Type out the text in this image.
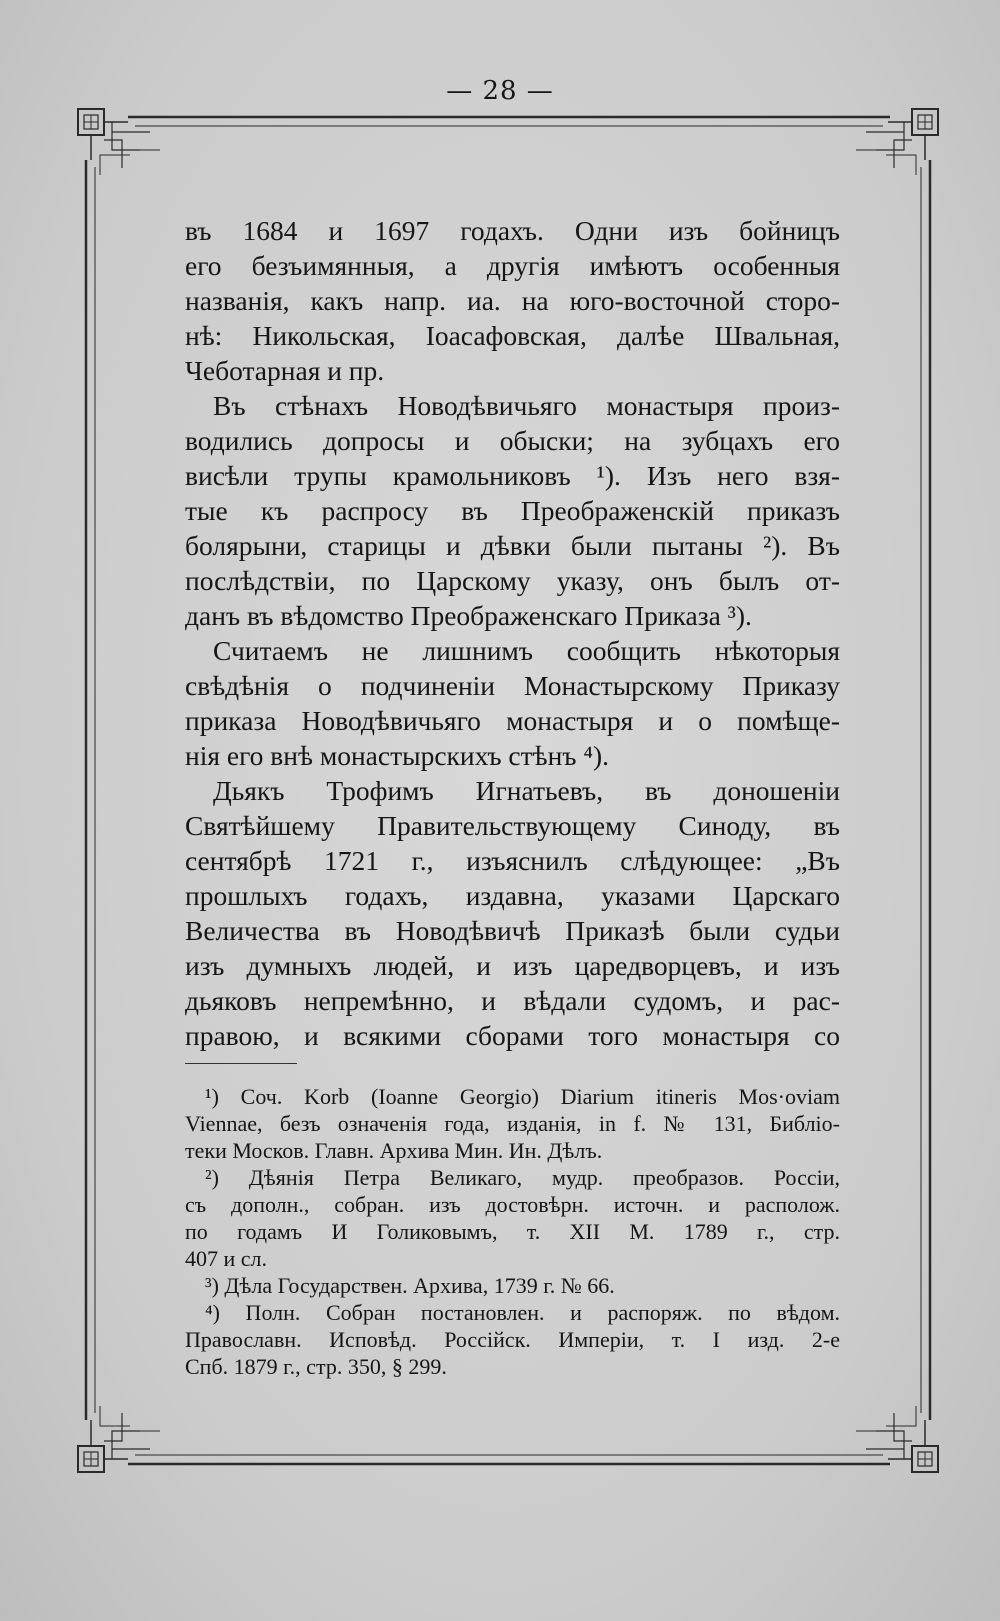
— 28 —
въ 1684 и 1697 годахъ. Одни изъ бойницъ
его безъимянныя, а другія имѣютъ особенныя
названія, какъ напр. иа. на юго-восточной сторо-
нѣ: Никольская, Іоасафовская, далѣе Швальная,
Чеботарная и пр.
Въ стѣнахъ Новодѣвичьяго монастыря произ-
водились допросы и обыски; на зубцахъ его
висѣли трупы крамольниковъ ¹). Изъ него взя-
тые къ распросу въ Преображенскій приказъ
болярыни, старицы и дѣвки были пытаны ²). Въ
послѣдствіи, по Царскому указу, онъ былъ от-
данъ въ вѣдомство Преображенскаго Приказа ³).
Считаемъ не лишнимъ сообщить нѣкоторыя
свѣдѣнія о подчиненіи Монастырскому Приказу
приказа Новодѣвичьяго монастыря и о помѣще-
нія его внѣ монастырскихъ стѣнъ ⁴).
Дьякъ Трофимъ Игнатьевъ, въ доношеніи
Святѣйшему Правительствующему Синоду, въ
сентябрѣ 1721 г., изъяснилъ слѣдующее: „Въ
прошлыхъ годахъ, издавна, указами Царскаго
Величества въ Новодѣвичѣ Приказѣ были судьи
изъ думныхъ людей, и изъ царедворцевъ, и изъ
дьяковъ непремѣнно, и вѣдали судомъ, и рас-
правою, и всякими сборами того монастыря со
¹) Соч. Korb (Ioanne Georgio) Diarium itineris Mos·oviam
Viennae, безъ означенія года, изданія, in f. № 131, Библіо-
теки Москов. Главн. Архива Мин. Ин. Дѣлъ.
²) Дѣянія Петра Великаго, мудр. преобразов. Россіи,
съ дополн., собран. изъ достовѣрн. источн. и располож.
по годамъ И Голиковымъ, т. XII М. 1789 г., стр.
407 и сл.
³) Дѣла Государствен. Архива, 1739 г. № 66.
⁴) Полн. Собран постановлен. и распоряж. по вѣдом.
Православн. Исповѣд. Россійск. Имперіи, т. I изд. 2-е
Спб. 1879 г., стр. 350, § 299.
